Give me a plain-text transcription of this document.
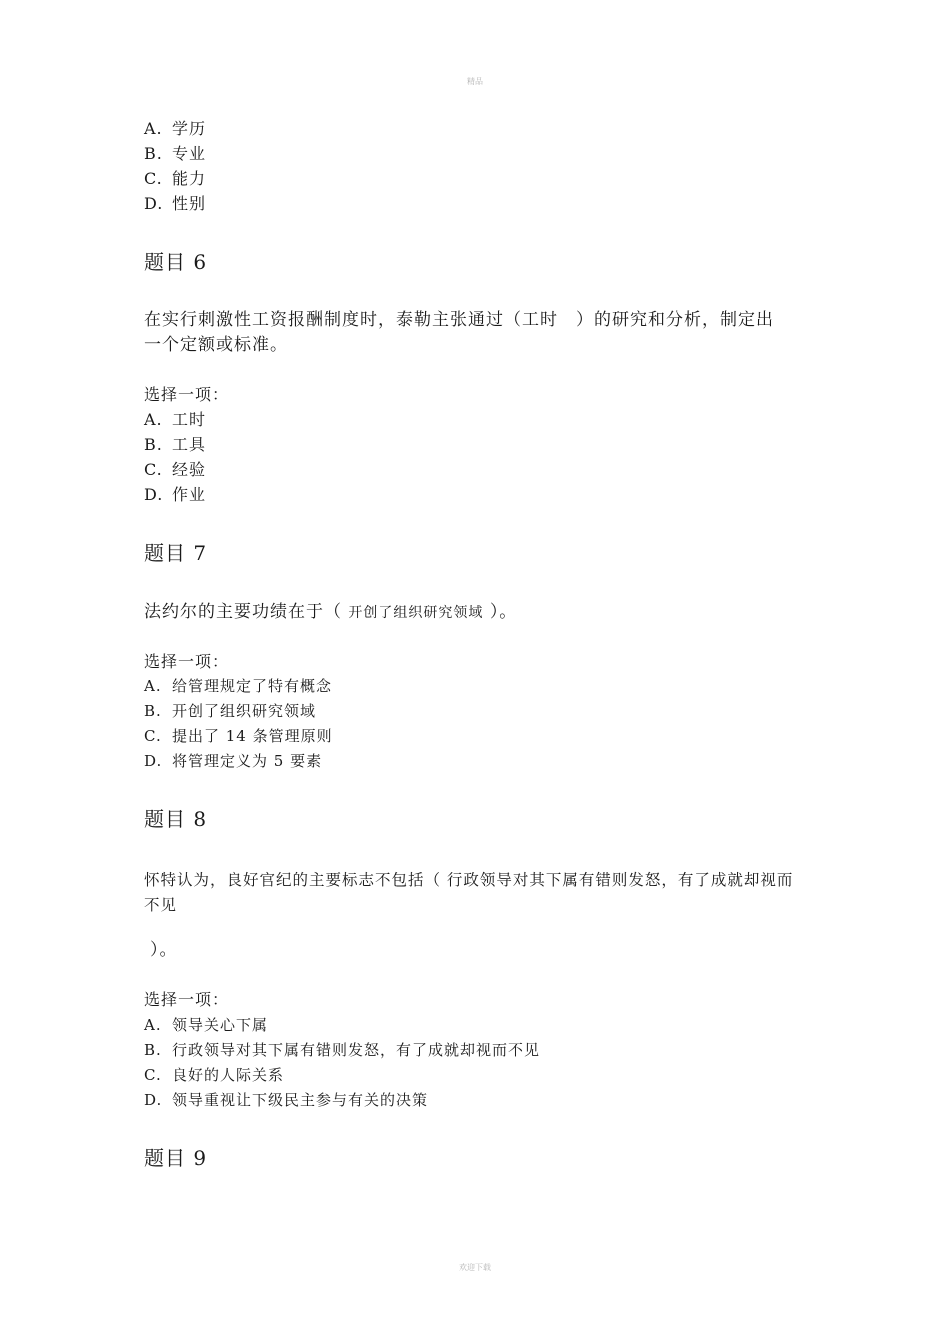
精品
A. 学历
B. 专业
C. 能力
D. 性别
题目 6
在实行刺激性工资报酬制度时，泰勒主张通过（工时　）的研究和分析，制定出
一个定额或标准。
选择一项：
A. 工时
B. 工具
C. 经验
D. 作业
题目 7
法约尔的主要功绩在于（ 开创了组织研究领域 ）。
选择一项：
A. 给管理规定了特有概念
B. 开创了组织研究领域
C. 提出了 14 条管理原则
D. 将管理定义为 5 要素
题目 8
怀特认为，良好官纪的主要标志不包括（ 行政领导对其下属有错则发怒，有了成就却视而
不见
）。
选择一项：
A. 领导关心下属
B. 行政领导对其下属有错则发怒，有了成就却视而不见
C. 良好的人际关系
D. 领导重视让下级民主参与有关的决策
题目 9
欢迎下载
